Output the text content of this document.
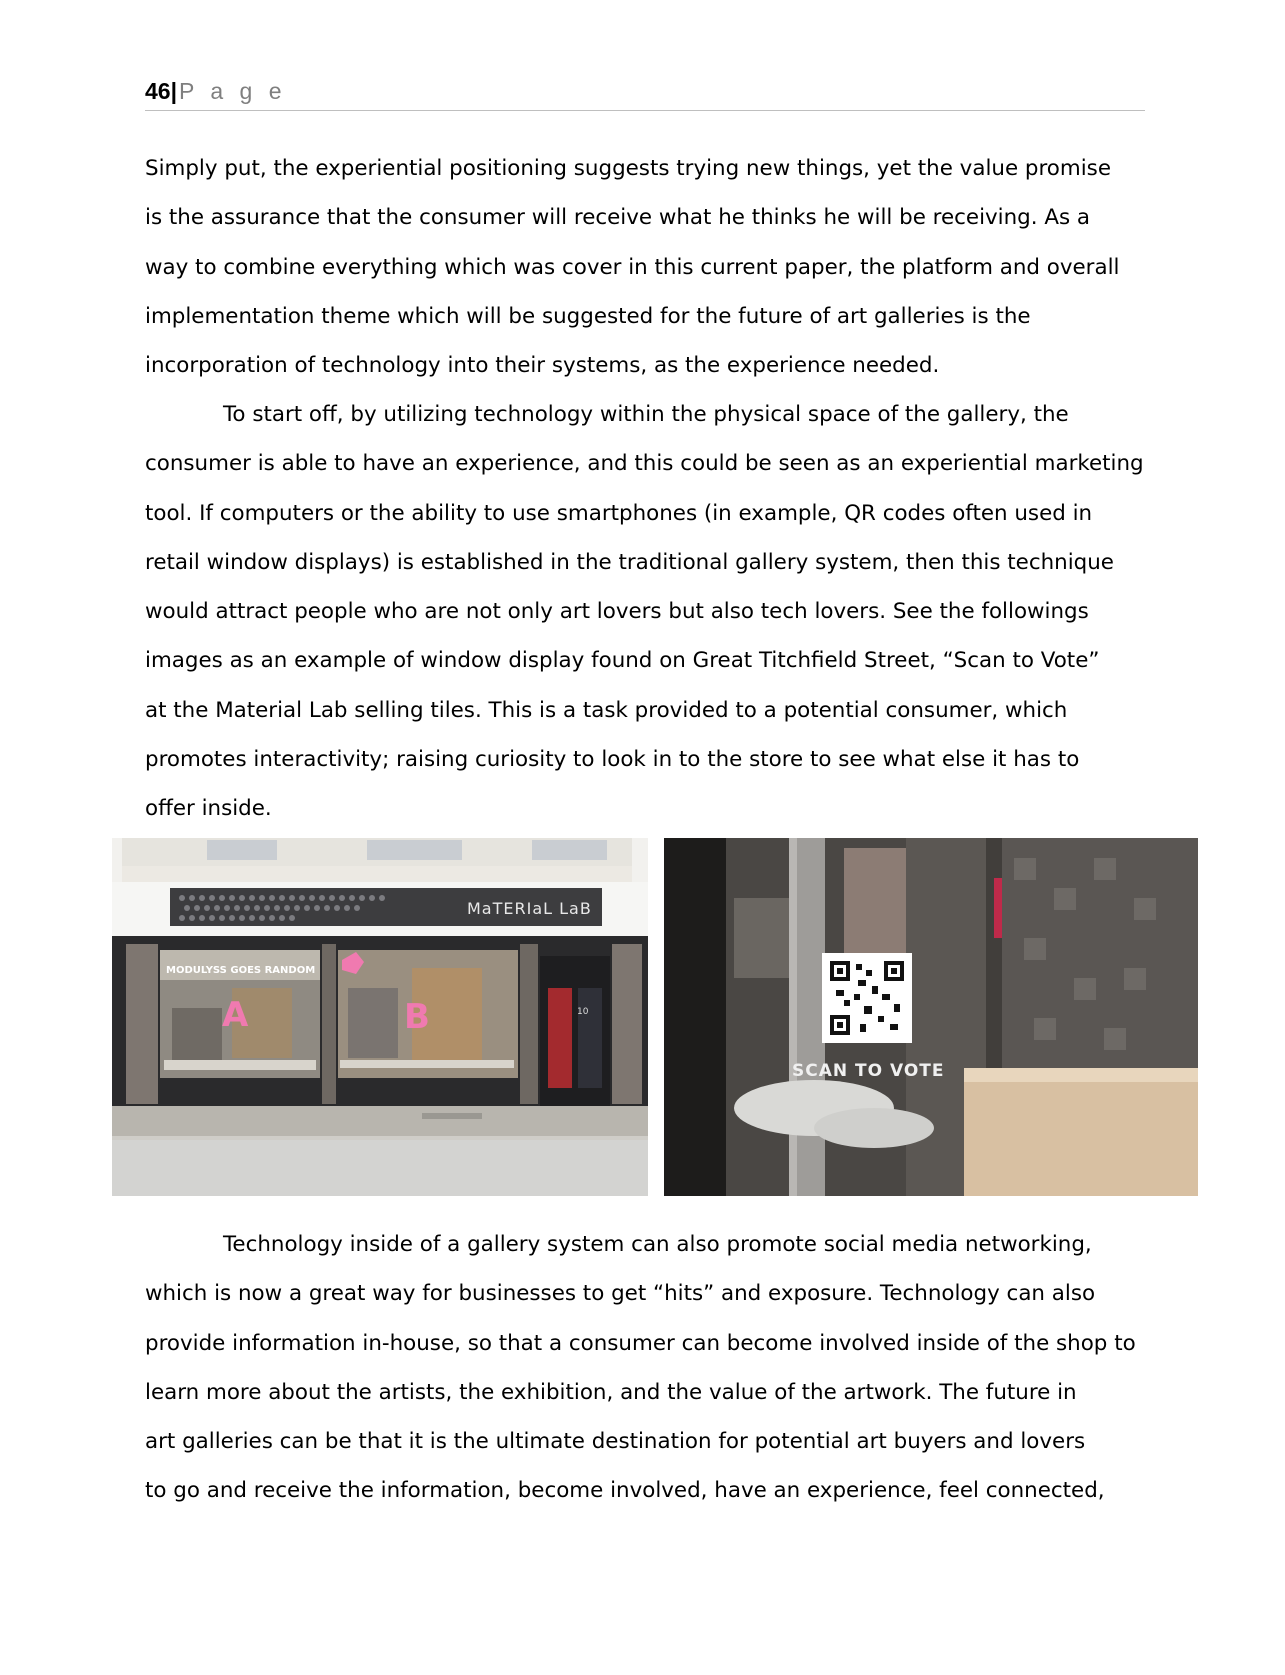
46|P a g e

Simply put, the experiential positioning suggests trying new things, yet the value promise
is the assurance that the consumer will receive what he thinks he will be receiving. As a
way to combine everything which was cover in this current paper, the platform and overall
implementation theme which will be suggested for the future of art galleries is the
incorporation of technology into their systems, as the experience needed.

To start off, by utilizing technology within the physical space of the gallery, the
consumer is able to have an experience, and this could be seen as an experiential marketing
tool. If computers or the ability to use smartphones (in example, QR codes often used in
retail window displays) is established in the traditional gallery system, then this technique
would attract people who are not only art lovers but also tech lovers. See the followings
images as an example of window display found on Great Titchfield Street, “Scan to Vote”
at the Material Lab selling tiles. This is a task provided to a potential consumer, which
promotes interactivity; raising curiosity to look in to the store to see what else it has to
offer inside.

MaTERIaL LaB
MODULYSS GOES RANDOM
A	B	10
SCAN TO VOTE

Technology inside of a gallery system can also promote social media networking,
which is now a great way for businesses to get “hits” and exposure. Technology can also
provide information in-house, so that a consumer can become involved inside of the shop to
learn more about the artists, the exhibition, and the value of the artwork. The future in
art galleries can be that it is the ultimate destination for potential art buyers and lovers
to go and receive the information, become involved, have an experience, feel connected,
